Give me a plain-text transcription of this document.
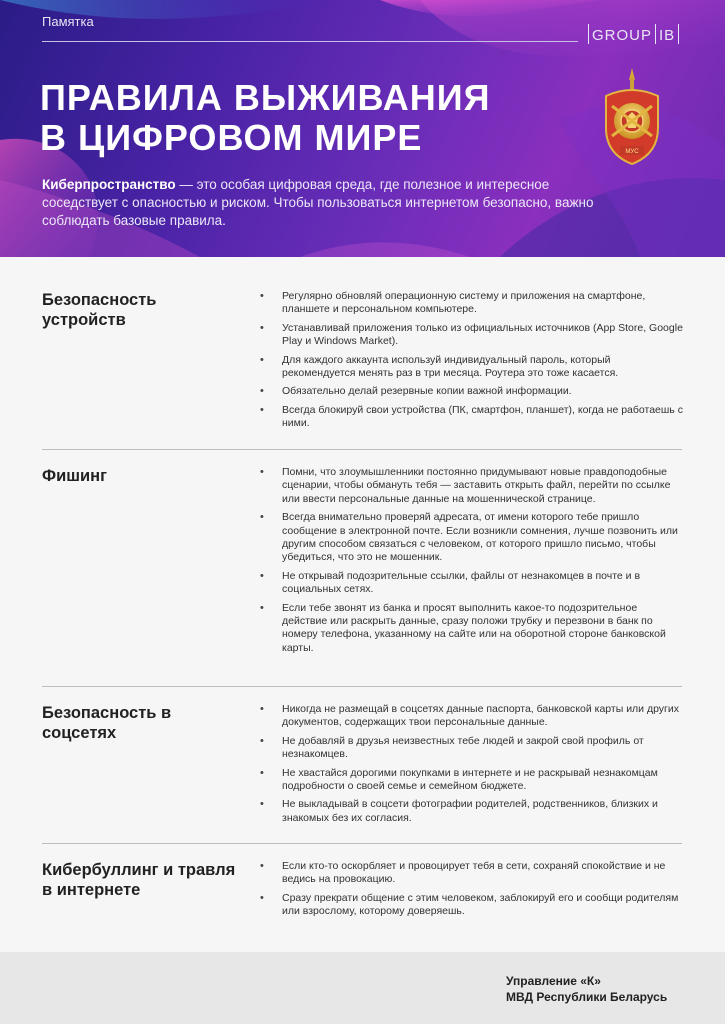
Памятка
GROUP IB
ПРАВИЛА ВЫЖИВАНИЯ
В ЦИФРОВОМ МИРЕ
Киберпространство — это особая цифровая среда, где полезное и интересное соседствует с опасностью и риском. Чтобы пользоваться интернетом безопасно, важно соблюдать базовые правила.
МУС
Безопасность устройств
• Регулярно обновляй операционную систему и приложения на смартфоне, планшете и персональном компьютере.
• Устанавливай приложения только из официальных источников (App Store, Google Play и Windows Market).
• Для каждого аккаунта используй индивидуальный пароль, который рекомендуется менять раз в три месяца. Роутера это тоже касается.
• Обязательно делай резервные копии важной информации.
• Всегда блокируй свои устройства (ПК, смартфон, планшет), когда не работаешь с ними.
Фишинг
•	Помни, что злоумышленники постоянно придумывают новые правдоподобные сценарии, чтобы обмануть тебя — заставить открыть файл, перейти по ссылке или ввести персональные данные на мошеннической странице.
• Всегда внимательно проверяй адресата, от имени которого тебе пришло сообщение в электронной почте. Если возникли сомнения, лучше позвонить или другим способом связаться с человеком, от которого пришло письмо, чтобы убедиться, что это не мошенник.
• Не открывай подозрительные ссылки, файлы от незнакомцев в почте и в социальных сетях.
• Если тебе звонят из банка и просят выполнить какое-то подозрительное действие или раскрыть данные, сразу положи трубку и перезвони в банк по номеру телефона, указанному на сайте или на оборотной стороне банковской карты.
Безопасность в соцсетях
• Никогда не размещай в соцсетях данные паспорта, банковской карты или других документов, содержащих твои персональные данные.
• Не добавляй в друзья неизвестных тебе людей и закрой свой профиль от незнакомцев.
• Не хвастайся дорогими покупками в интернете и не раскрывай незнакомцам подробности о своей семье и семейном бюджете.
• Не выкладывай в соцсети фотографии родителей, родственников, близких и знакомых без их согласия.
Кибербуллинг и травля в интернете
• Если кто-то оскорбляет и провоцирует тебя в сети, сохраняй спокойствие и не ведись на провокацию.
• Сразу прекрати общение с этим человеком, заблокируй его и сообщи родителям или взрослому, которому доверяешь.
Управление «К»
МВД Республики Беларусь
